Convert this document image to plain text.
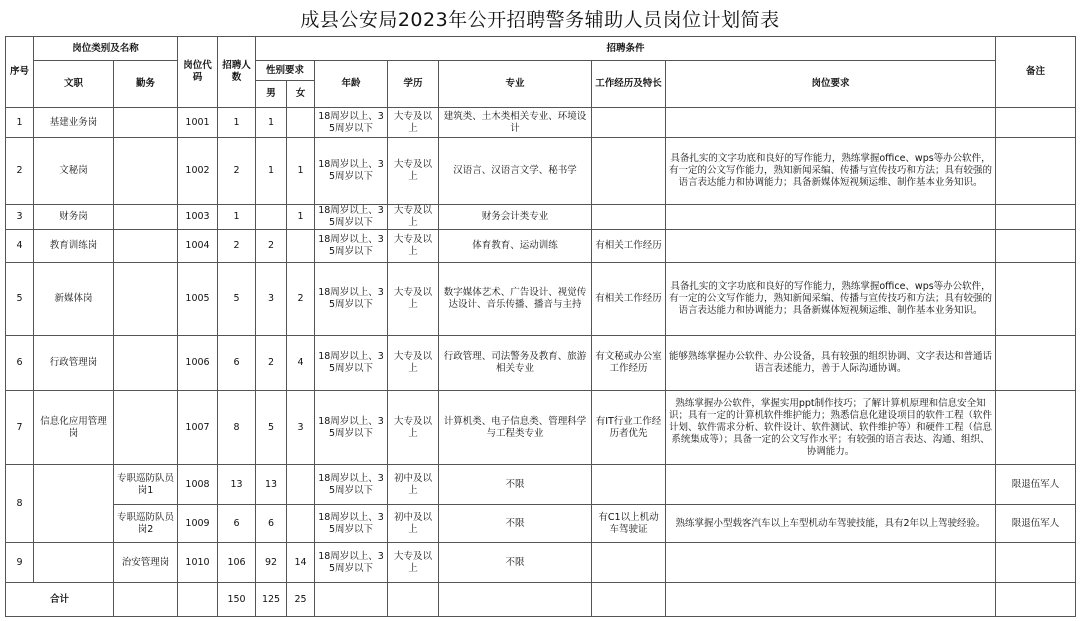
成县公安局2023年公开招聘警务辅助人员岗位计划简表
序号	岗位类别及名称		岗位代码	招聘人数	招聘条件							备注
	文职	勤务			性别要求		年龄	学历	专业	工作经历及特长	岗位要求	
					男	女						
1	基建业务岗		1001	1	1		18周岁以上、35周岁以下	大专及以上	建筑类、土木类相关专业、环境设计			
2	文秘岗		1002	2	1	1	18周岁以上、35周岁以下	大专及以上	汉语言、汉语言文学、秘书学		具备扎实的文字功底和良好的写作能力，熟练掌握office、wps等办公软件，有一定的公文写作能力，熟知新闻采编、传播与宣传技巧和方法；具有较强的语言表达能力和协调能力；具备新媒体短视频运维、制作基本业务知识。	
3	财务岗		1003	1		1	18周岁以上、35周岁以下	大专及以上	财务会计类专业			
4	教育训练岗		1004	2	2		18周岁以上、35周岁以下	大专及以上	体育教育、运动训练	有相关工作经历		
5	新媒体岗		1005	5	3	2	18周岁以上、35周岁以下	大专及以上	数字媒体艺术、广告设计、视觉传达设计、音乐传播、播音与主持	有相关工作经历	具备扎实的文字功底和良好的写作能力，熟练掌握office、wps等办公软件，有一定的公文写作能力，熟知新闻采编、传播与宣传技巧和方法；具有较强的语言表达能力和协调能力；具备新媒体短视频运维、制作基本业务知识。	
6	行政管理岗		1006	6	2	4	18周岁以上、35周岁以下	大专及以上	行政管理、司法警务及教育、旅游相关专业	有文秘或办公室工作经历	能够熟练掌握办公软件、办公设备，具有较强的组织协调、文字表达和普通话语言表述能力，善于人际沟通协调。	
7	信息化应用管理岗		1007	8	5	3	18周岁以上、35周岁以下	大专及以上	计算机类、电子信息类、管理科学与工程类专业	有IT行业工作经历者优先	熟练掌握办公软件，掌握实用ppt制作技巧；了解计算机原理和信息安全知识；具有一定的计算机软件维护能力；熟悉信息化建设项目的软件工程（软件计划、软件需求分析、软件设计、软件测试、软件维护等）和硬件工程（信息系统集成等）；具备一定的公文写作水平；有较强的语言表达、沟通、组织、协调能力。	
8		专职巡防队员岗1	1008	13	13		18周岁以上、35周岁以下	初中及以上	不限			限退伍军人
		专职巡防队员岗2	1009	6	6		18周岁以上、35周岁以下	初中及以上	不限	有C1以上机动车驾驶证	熟练掌握小型载客汽车以上车型机动车驾驶技能，具有2年以上驾驶经验。	限退伍军人
9		治安管理岗	1010	106	92	14	18周岁以上、35周岁以下	大专及以上	不限			
合计				150	125	25						
